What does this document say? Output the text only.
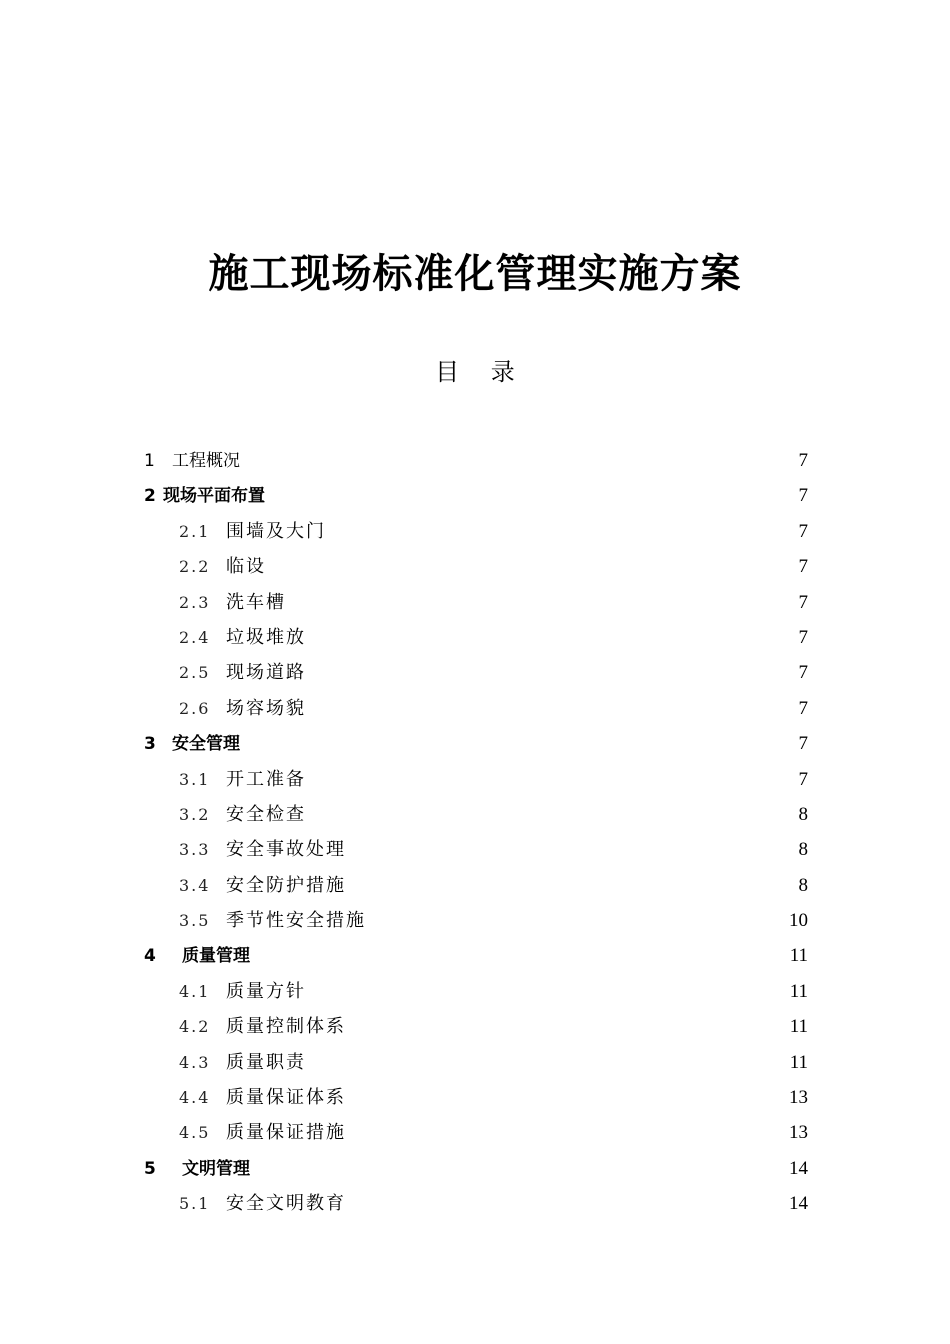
施工现场标准化管理实施方案
目 录
1 工程概况	7
2 现场平面布置	7
2.1 围墙及大门	7
2.2 临设	7
2.3 洗车槽	7
2.4 垃圾堆放	7
2.5 现场道路	7
2.6 场容场貌	7
3 安全管理	7
3.1 开工准备	7
3.2 安全检查	8
3.3 安全事故处理	8
3.4 安全防护措施	8
3.5 季节性安全措施	10
4 质量管理	11
4.1 质量方针	11
4.2 质量控制体系	11
4.3 质量职责	11
4.4 质量保证体系	13
4.5 质量保证措施	13
5 文明管理	14
5.1 安全文明教育	14
